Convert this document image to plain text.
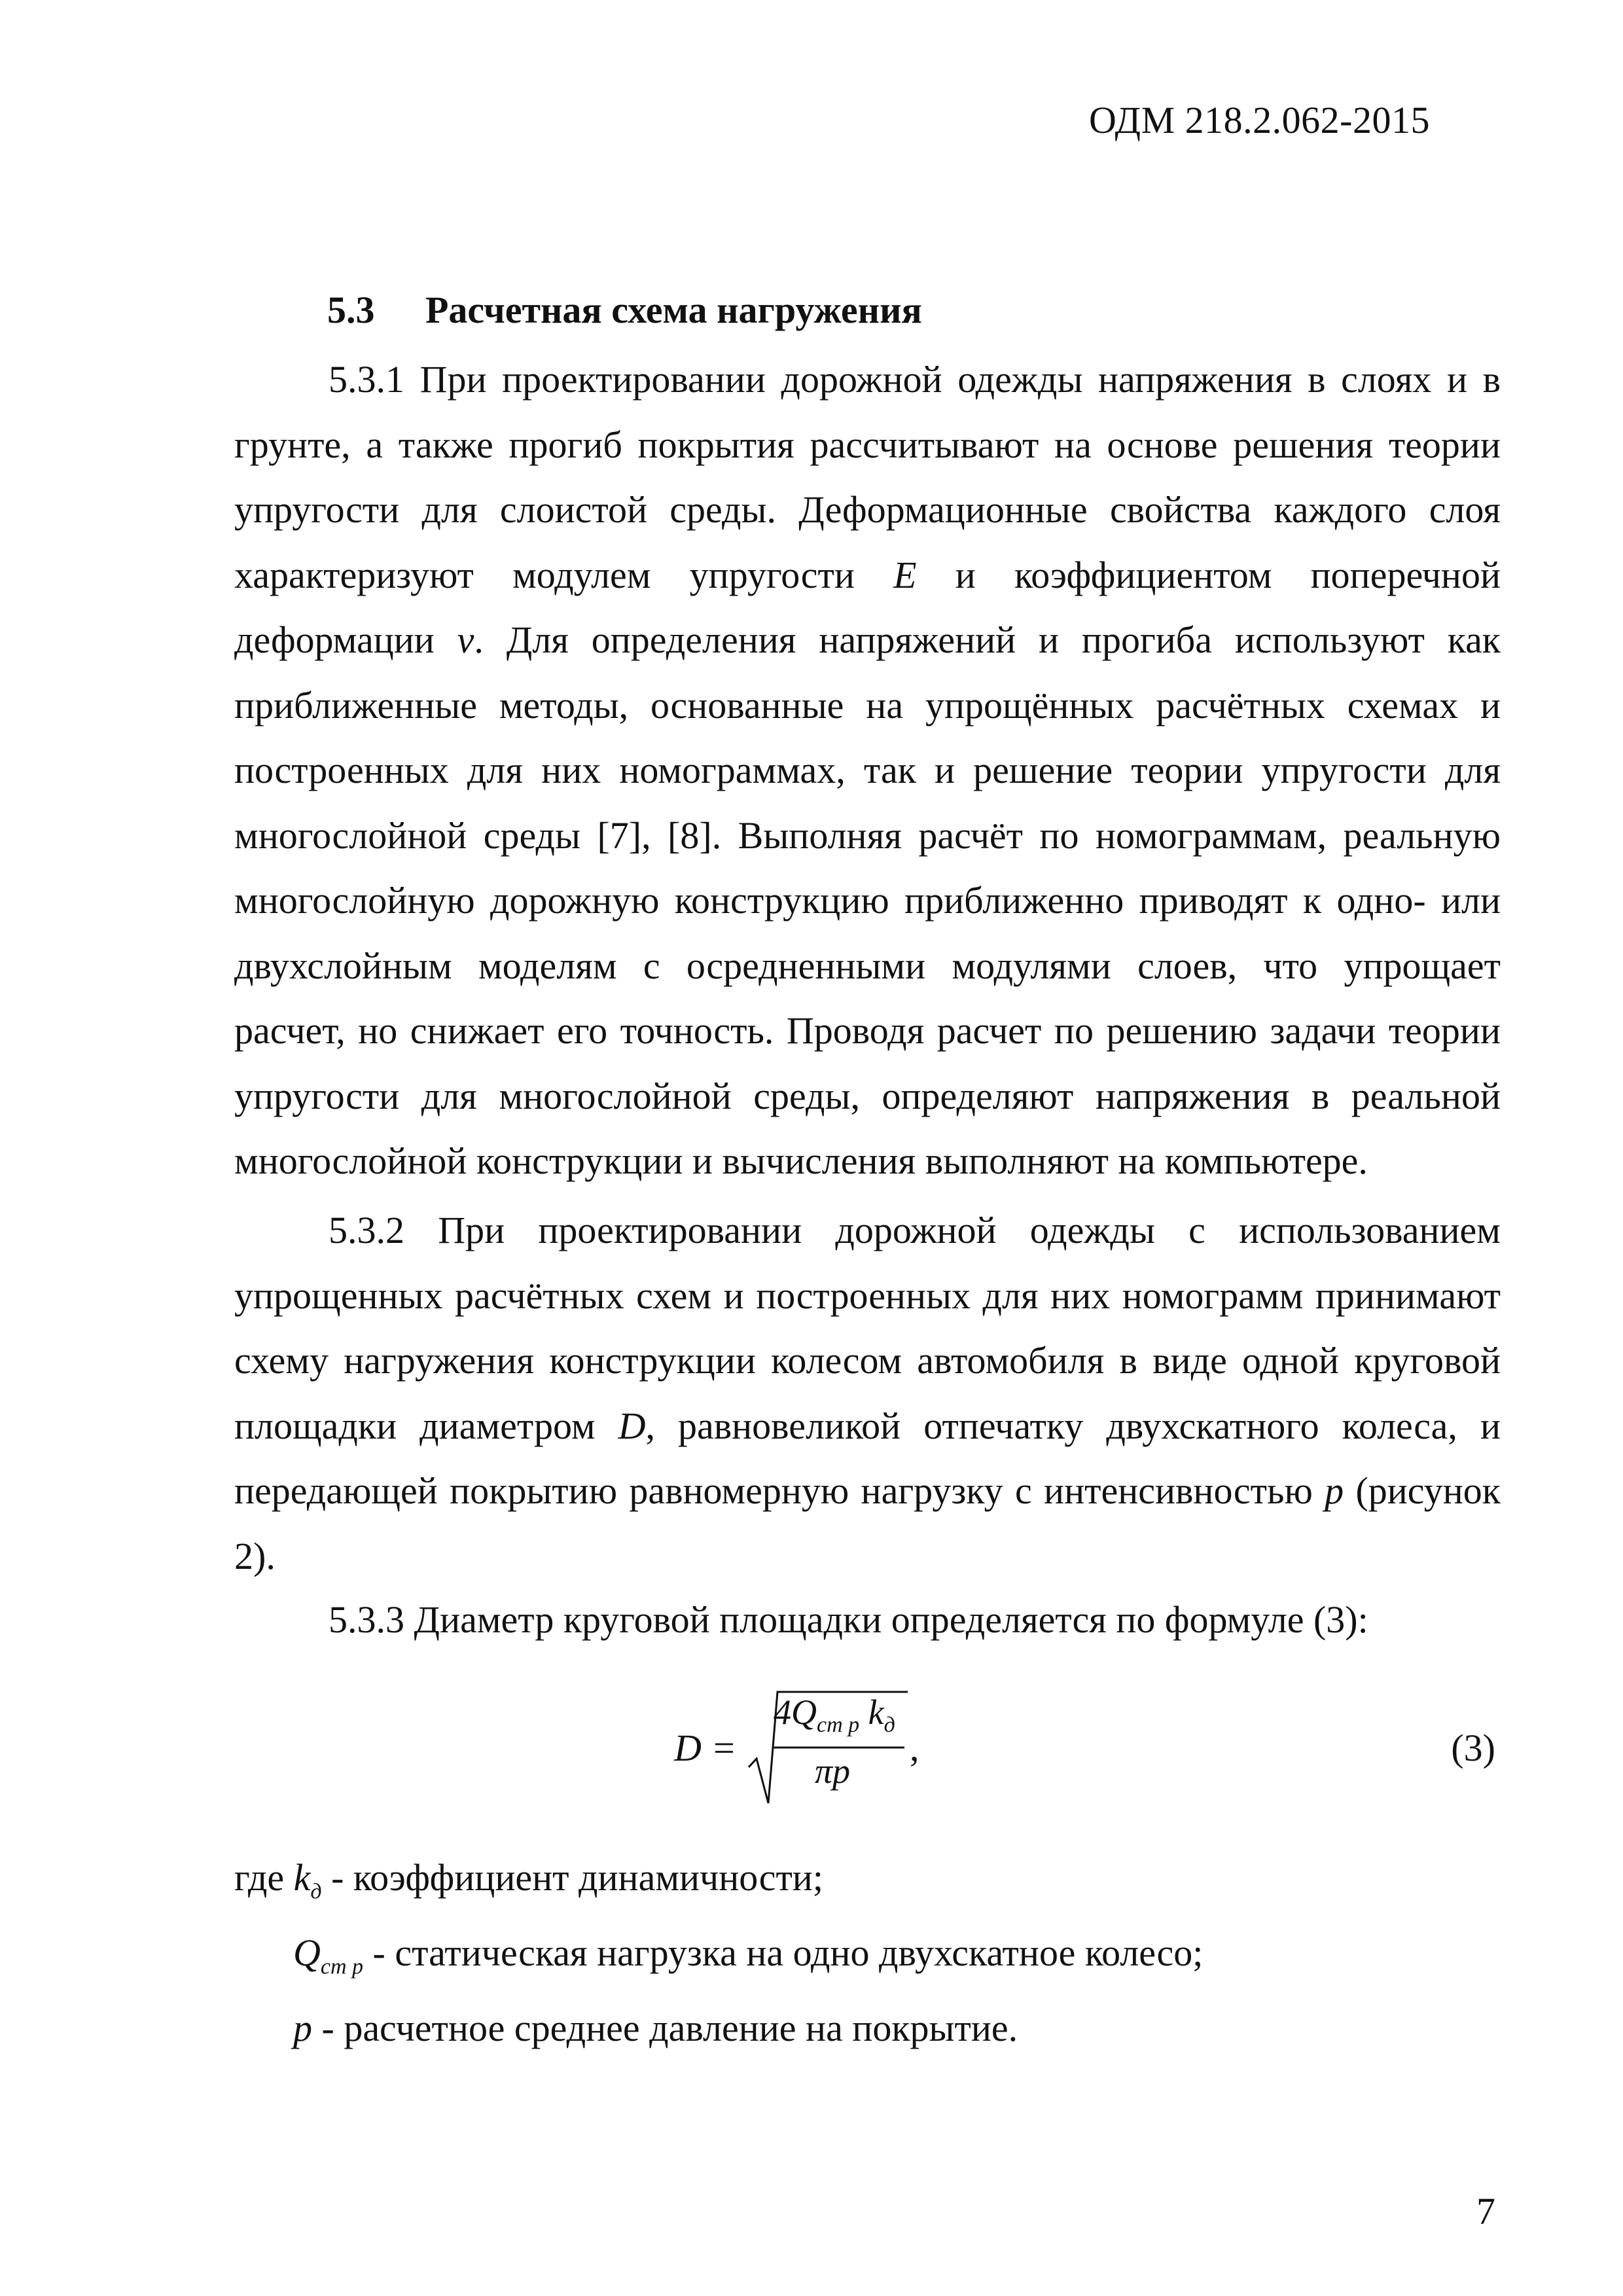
ОДМ 218.2.062-2015
5.3 Расчетная схема нагружения
5.3.1 При проектировании дорожной одежды напряжения в слоях и в грунте, а также прогиб покрытия рассчитывают на основе решения теории упругости для слоистой среды. Деформационные свойства каждого слоя характеризуют модулем упругости E и коэффициентом поперечной деформации ν. Для определения напряжений и прогиба используют как приближенные методы, основанные на упрощённых расчётных схемах и построенных для них номограммах, так и решение теории упругости для многослойной среды [7], [8]. Выполняя расчёт по номограммам, реальную многослойную дорожную конструкцию приближенно приводят к одно- или двухслойным моделям с осредненными модулями слоев, что упрощает расчет, но снижает его точность. Проводя расчет по решению задачи теории упругости для многослойной среды, определяют напряжения в реальной многослойной конструкции и вычисления выполняют на компьютере.
5.3.2 При проектировании дорожной одежды с использованием упрощенных расчётных схем и построенных для них номограмм принимают схему нагружения конструкции колесом автомобиля в виде одной круговой площадки диаметром D, равновеликой отпечатку двухскатного колеса, и передающей покрытию равномерную нагрузку с интенсивностью p (рисунок 2).
5.3.3 Диаметр круговой площадки определяется по формуле (3):
D =
$4Q_{cm p}$ $k_д$
πp
,	(3)
где $k_д$ - коэффициент динамичности;
$Q_{cm p}$ - статическая нагрузка на одно двухскатное колесо;
p - расчетное среднее давление на покрытие.
7
